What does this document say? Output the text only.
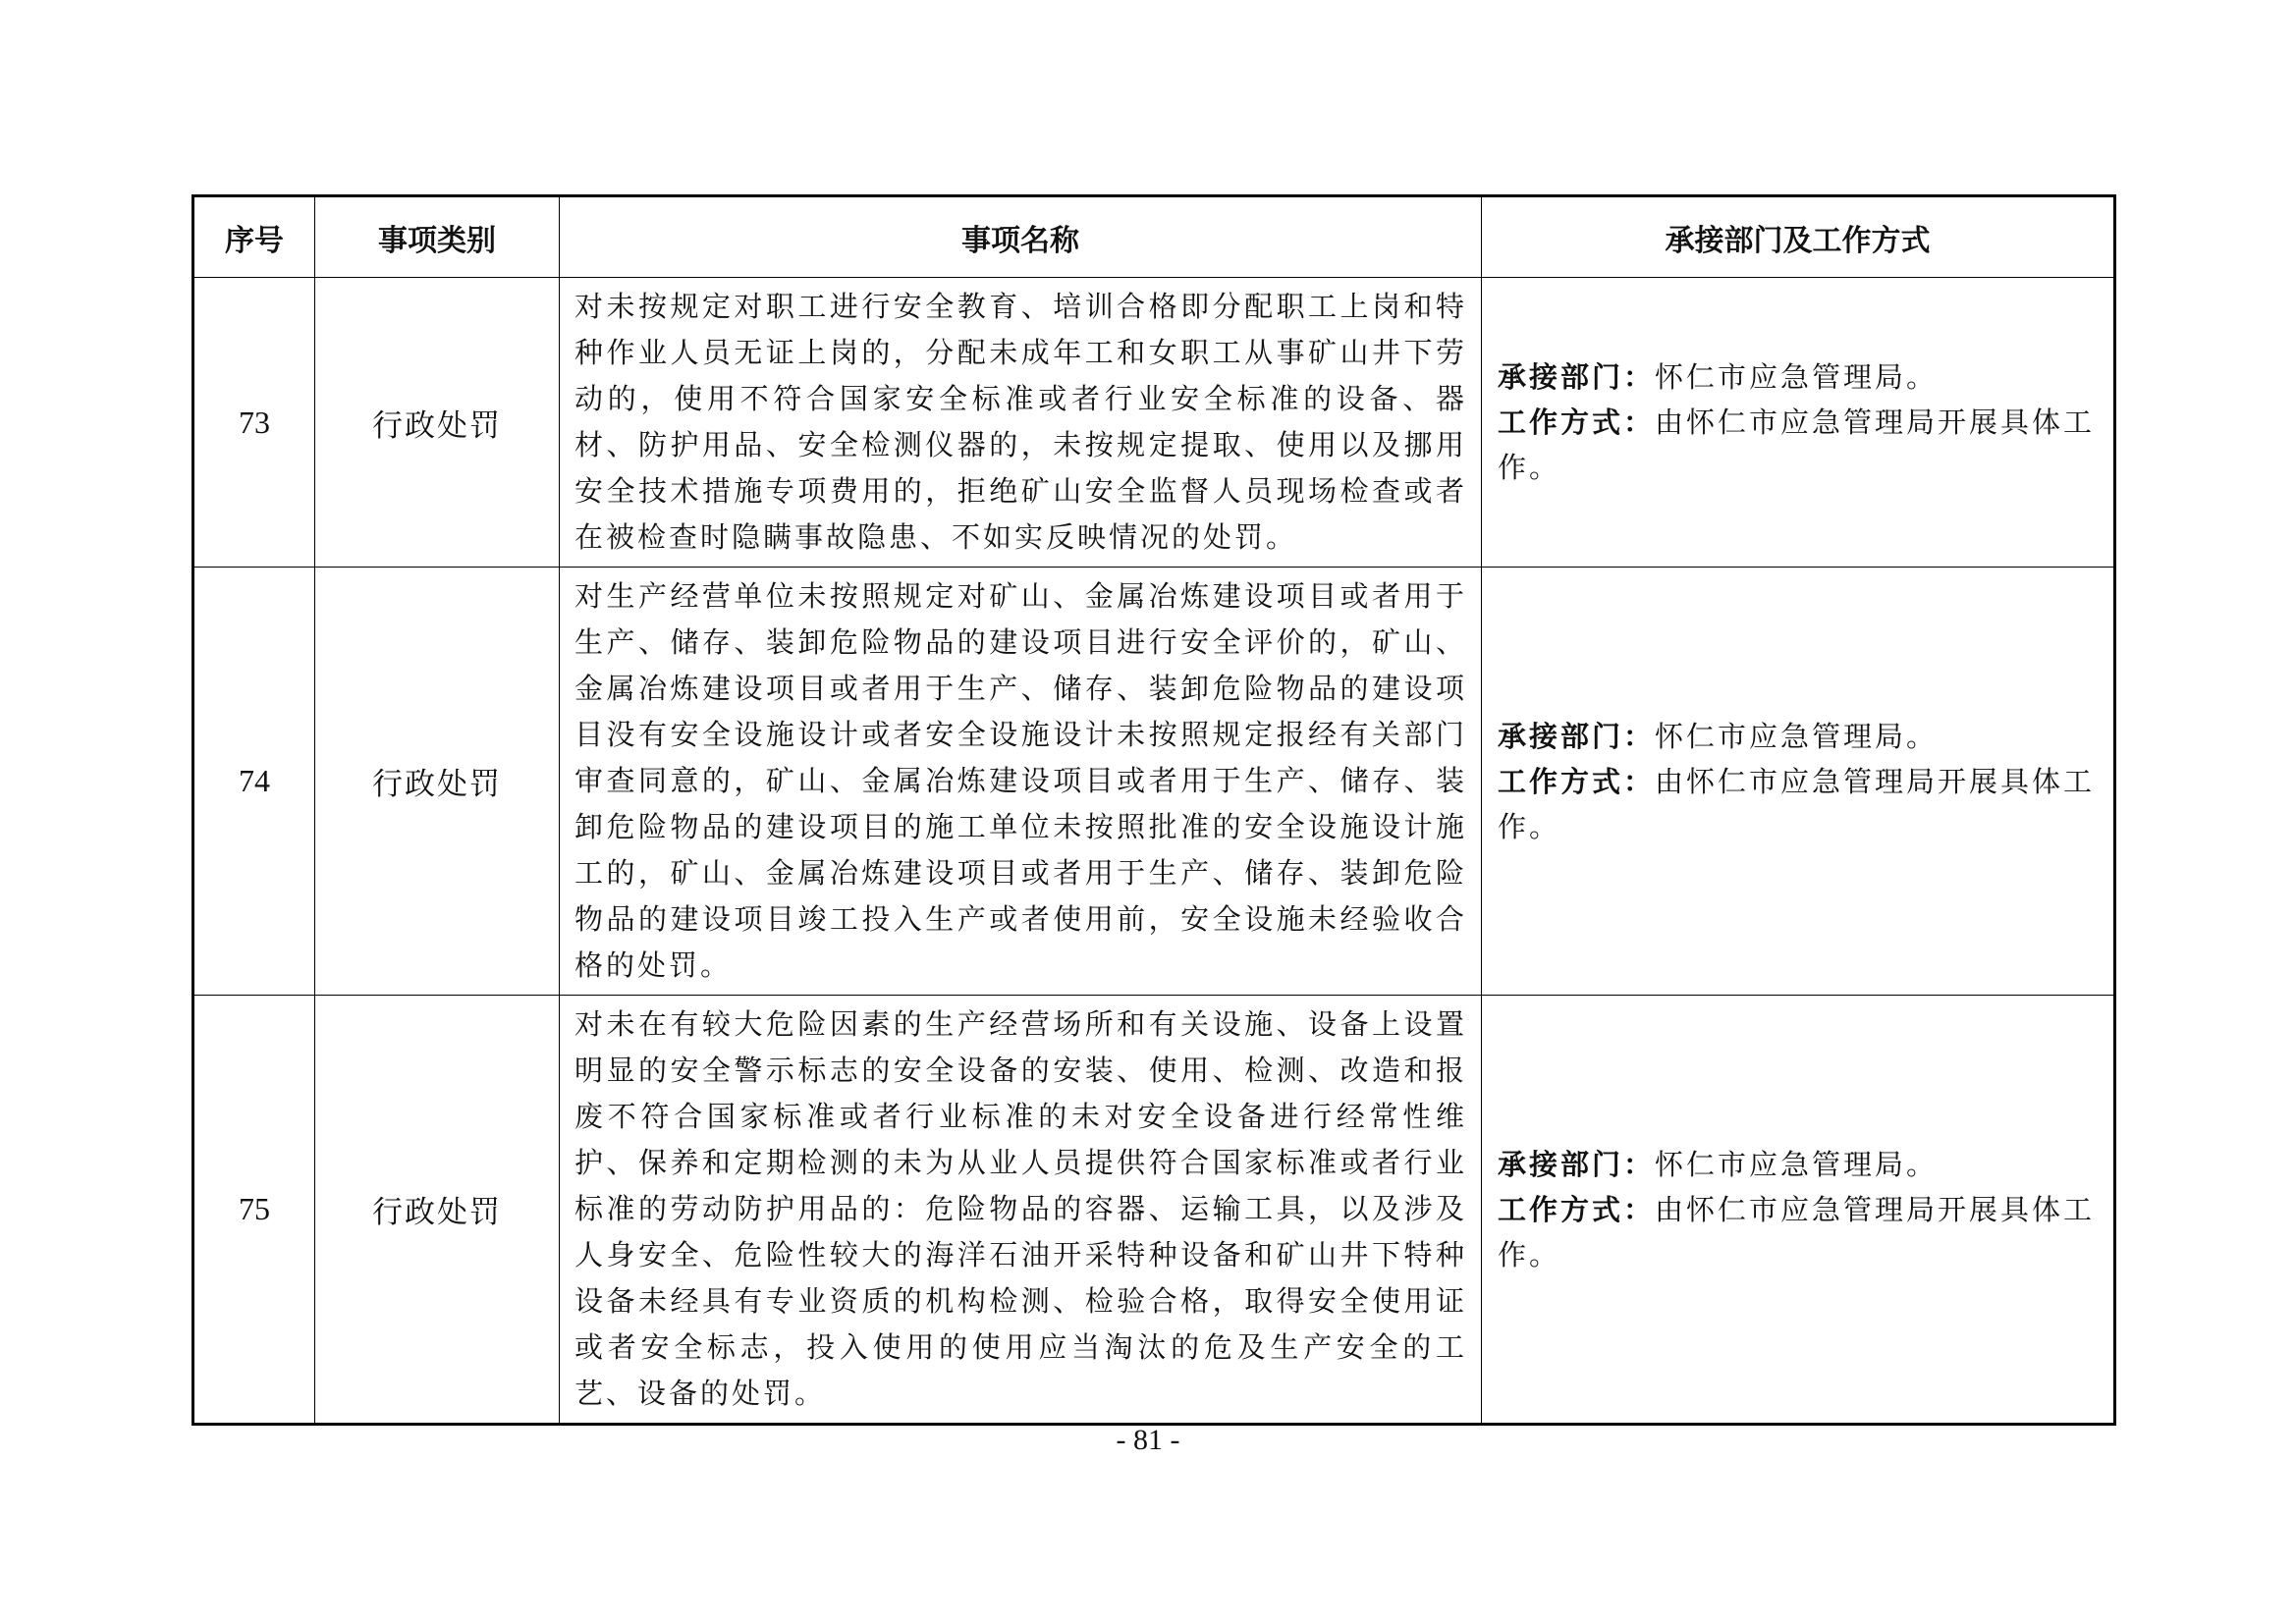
序号	事项类别	事项名称	承接部门及工作方式
73	行政处罚	对未按规定对职工进行安全教育、培训合格即分配职工上岗和特种作业人员无证上岗的，分配未成年工和女职工从事矿山井下劳动的，使用不符合国家安全标准或者行业安全标准的设备、器材、防护用品、安全检测仪器的，未按规定提取、使用以及挪用安全技术措施专项费用的，拒绝矿山安全监督人员现场检查或者在被检查时隐瞒事故隐患、不如实反映情况的处罚。	承接部门：怀仁市应急管理局。
工作方式：由怀仁市应急管理局开展具体工作。

74	行政处罚	对生产经营单位未按照规定对矿山、金属冶炼建设项目或者用于生产、储存、装卸危险物品的建设项目进行安全评价的，矿山、金属冶炼建设项目或者用于生产、储存、装卸危险物品的建设项目没有安全设施设计或者安全设施设计未按照规定报经有关部门审查同意的，矿山、金属冶炼建设项目或者用于生产、储存、装卸危险物品的建设项目的施工单位未按照批准的安全设施设计施工的，矿山、金属冶炼建设项目或者用于生产、储存、装卸危险物品的建设项目竣工投入生产或者使用前，安全设施未经验收合格的处罚。	承接部门：怀仁市应急管理局。
工作方式：由怀仁市应急管理局开展具体工作。

75	行政处罚	对未在有较大危险因素的生产经营场所和有关设施、设备上设置明显的安全警示标志的安全设备的安装、使用、检测、改造和报废不符合国家标准或者行业标准的未对安全设备进行经常性维护、保养和定期检测的未为从业人员提供符合国家标准或者行业标准的劳动防护用品的：危险物品的容器、运输工具，以及涉及人身安全、危险性较大的海洋石油开采特种设备和矿山井下特种设备未经具有专业资质的机构检测、检验合格，取得安全使用证或者安全标志，投入使用的使用应当淘汰的危及生产安全的工艺、设备的处罚。	承接部门：怀仁市应急管理局。
工作方式：由怀仁市应急管理局开展具体工作。
- 81 -
